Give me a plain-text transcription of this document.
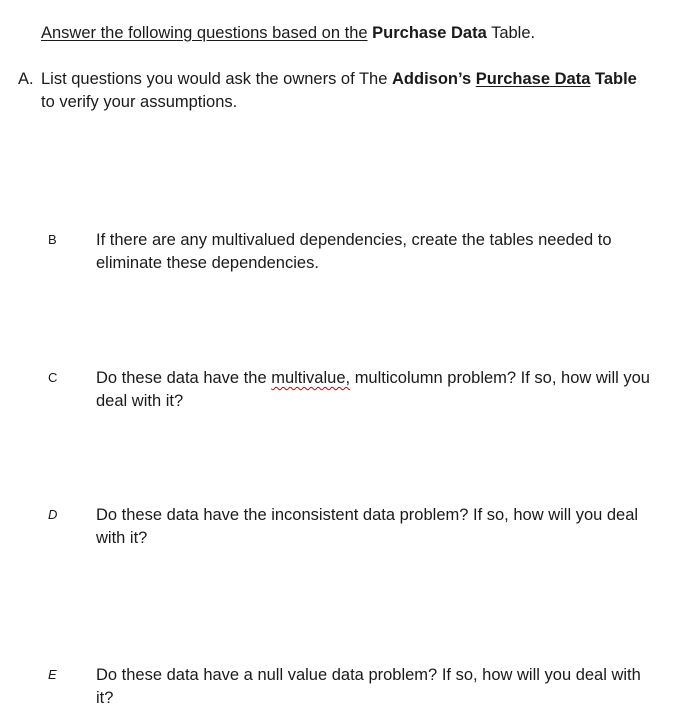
Answer the following questions based on the Purchase Data Table.
A. List questions you would ask the owners of The Addison’s Purchase Data Table
to verify your assumptions.
B If there are any multivalued dependencies, create the tables needed to
eliminate these dependencies.
C Do these data have the multivalue, multicolumn problem? If so, how will you
deal with it?
D Do these data have the inconsistent data problem? If so, how will you deal
with it?
E Do these data have a null value data problem? If so, how will you deal with
it?
